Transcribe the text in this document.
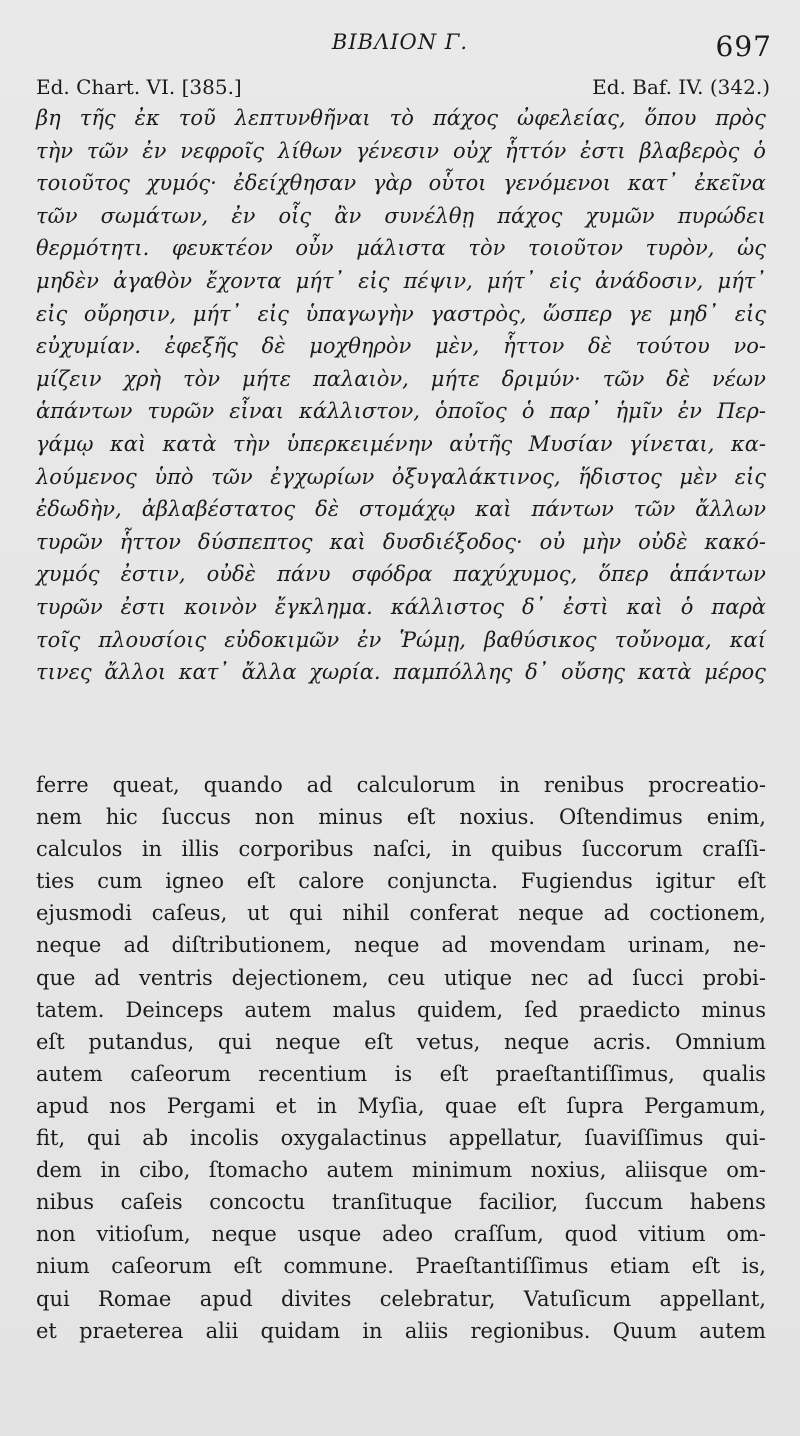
ΒΙΒΛΙΟΝ Γ.	697
Ed. Chart. VI. [385.]	Ed. Baf. IV. (342.)
βη τῆς ἐκ τοῦ λεπτυνθῆναι τὸ πάχος ὠφελείας, ὅπου πρὸς
τὴν τῶν ἐν νεφροῖς λίθων γένεσιν οὐχ ἧττόν ἐστι βλαβερὸς ὁ
τοιοῦτος χυμός· ἐδείχθησαν γὰρ οὗτοι γενόμενοι κατ᾽ ἐκεῖνα
τῶν σωμάτων, ἐν οἷς ἂν συνέλθῃ πάχος χυμῶν πυρώδει
θερμότητι. φευκτέον οὖν μάλιστα τὸν τοιοῦτον τυρὸν, ὡς
μηδὲν ἀγαθὸν ἔχοντα μήτ᾽ εἰς πέψιν, μήτ᾽ εἰς ἀνάδοσιν, μήτ᾽
εἰς οὔρησιν, μήτ᾽ εἰς ὑπαγωγὴν γαστρὸς, ὥσπερ γε μηδ᾽ εἰς
εὐχυμίαν. ἐφεξῆς δὲ μοχθηρὸν μὲν, ἧττον δὲ τούτου νο-
μίζειν χρὴ τὸν μήτε παλαιὸν, μήτε δριμύν· τῶν δὲ νέων
ἁπάντων τυρῶν εἶναι κάλλιστον, ὁποῖος ὁ παρ᾽ ἡμῖν ἐν Περ-
γάμῳ καὶ κατὰ τὴν ὑπερκειμένην αὐτῆς Μυσίαν γίνεται, κα-
λούμενος ὑπὸ τῶν ἐγχωρίων ὀξυγαλάκτινος, ἥδιστος μὲν εἰς
ἐδωδὴν, ἀβλαβέστατος δὲ στομάχῳ καὶ πάντων τῶν ἄλλων
τυρῶν ἧττον δύσπεπτος καὶ δυσδιέξοδος· οὐ μὴν οὐδὲ κακό-
χυμός ἐστιν, οὐδὲ πάνυ σφόδρα παχύχυμος, ὅπερ ἁπάντων
τυρῶν ἐστι κοινὸν ἔγκλημα. κάλλιστος δ᾽ ἐστὶ καὶ ὁ παρὰ
τοῖς πλουσίοις εὐδοκιμῶν ἐν Ῥώμῃ, βαθύσικος τοὔνομα, καί
τινες ἄλλοι κατ᾽ ἄλλα χωρία. παμπόλλης δ᾽ οὔσης κατὰ μέρος
ferre queat, quando ad calculorum in renibus procreatio-
nem hic ſuccus non minus eſt noxius. Oſtendimus enim,
calculos in illis corporibus naſci, in quibus ſuccorum craſſi-
ties cum igneo eſt calore conjuncta. Fugiendus igitur eſt
ejusmodi caſeus, ut qui nihil conferat neque ad coctionem,
neque ad diſtributionem, neque ad movendam urinam, ne-
que ad ventris dejectionem, ceu utique nec ad ſucci probi-
tatem. Deinceps autem malus quidem, ſed praedicto minus
eſt putandus, qui neque eſt vetus, neque acris. Omnium
autem caſeorum recentium is eſt praeſtantiſſimus, qualis
apud nos Pergami et in Myſia, quae eſt ſupra Pergamum,
fit, qui ab incolis oxygalactinus appellatur, ſuaviſſimus qui-
dem in cibo, ſtomacho autem minimum noxius, aliisque om-
nibus caſeis concoctu tranſituque facilior, ſuccum habens
non vitioſum, neque usque adeo craſſum, quod vitium om-
nium caſeorum eſt commune. Praeſtantiſſimus etiam eſt is,
qui Romae apud divites celebratur, Vatuſicum appellant,
et praeterea alii quidam in aliis regionibus. Quum autem
